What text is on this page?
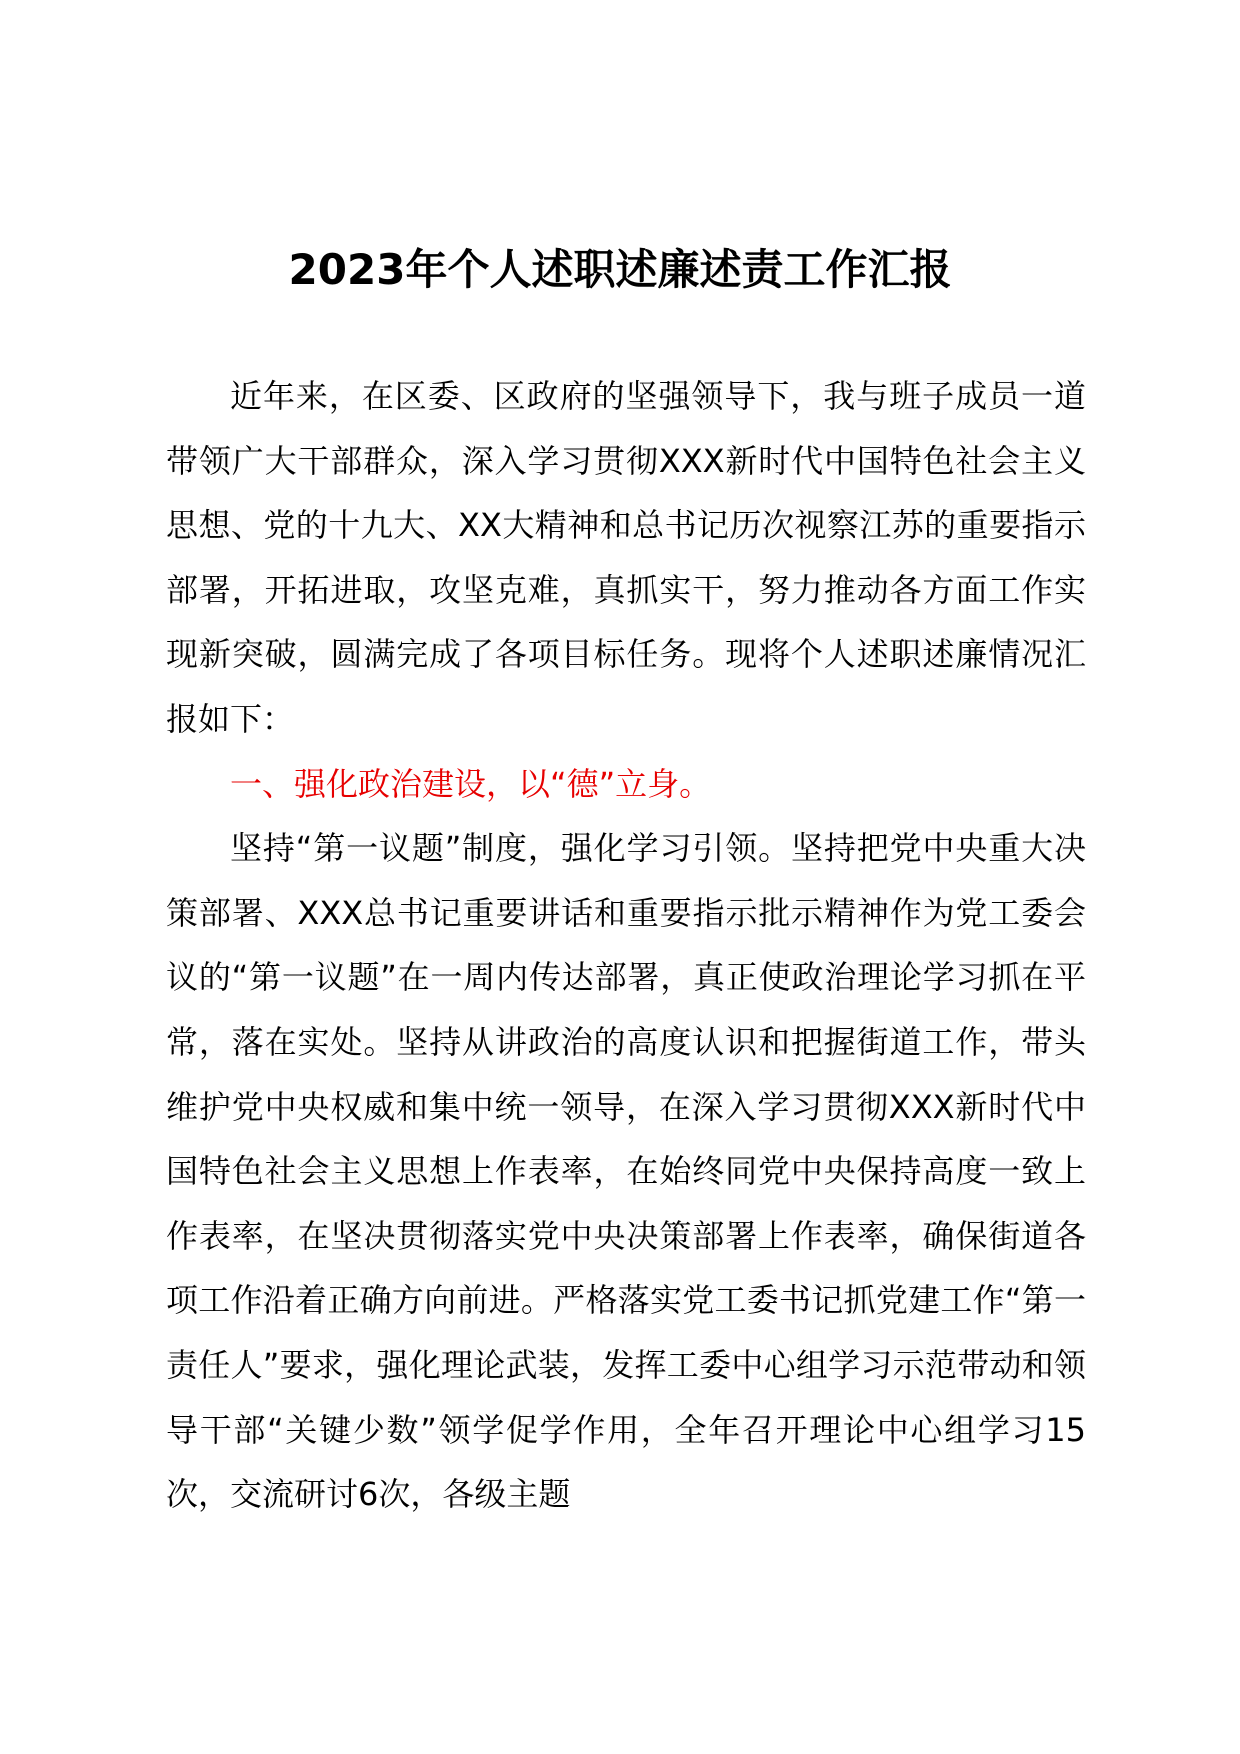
2023年个人述职述廉述责工作汇报

近年来，在区委、区政府的坚强领导下，我与班子成员一道带领广大干部群众，深入学习贯彻XXX新时代中国特色社会主义思想、党的十九大、XX大精神和总书记历次视察江苏的重要指示部署，开拓进取，攻坚克难，真抓实干，努力推动各方面工作实现新突破，圆满完成了各项目标任务。现将个人述职述廉情况汇报如下：

一、强化政治建设，以“德”立身。

坚持“第一议题”制度，强化学习引领。坚持把党中央重大决策部署、XXX总书记重要讲话和重要指示批示精神作为党工委会议的“第一议题”在一周内传达部署，真正使政治理论学习抓在平常，落在实处。坚持从讲政治的高度认识和把握街道工作，带头维护党中央权威和集中统一领导，在深入学习贯彻XXX新时代中国特色社会主义思想上作表率，在始终同党中央保持高度一致上作表率，在坚决贯彻落实党中央决策部署上作表率，确保街道各项工作沿着正确方向前进。严格落实党工委书记抓党建工作“第一责任人”要求，强化理论武装，发挥工委中心组学习示范带动和领导干部“关键少数”领学促学作用，全年召开理论中心组学习15次，交流研讨6次，各级主题
